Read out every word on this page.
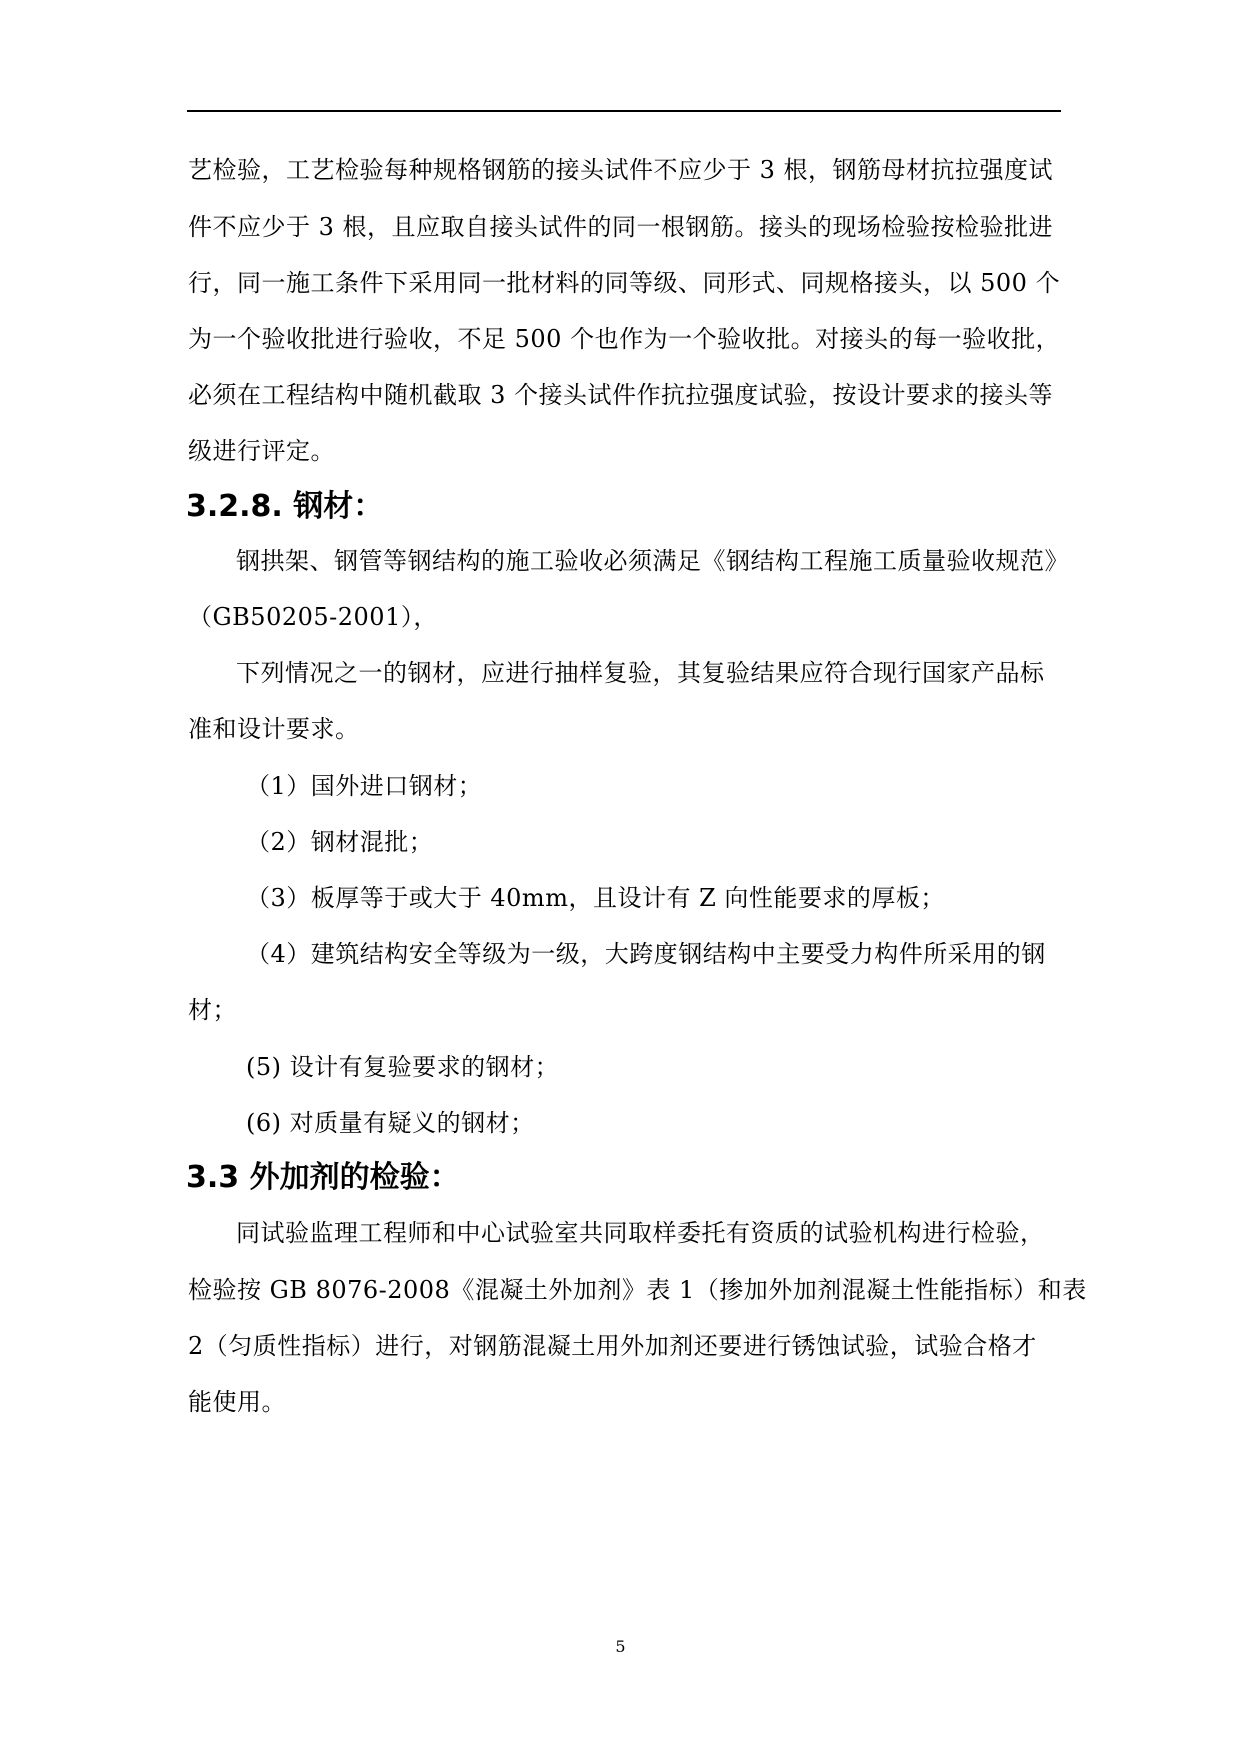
艺检验，工艺检验每种规格钢筋的接头试件不应少于 3 根，钢筋母材抗拉强度试
件不应少于 3 根，且应取自接头试件的同一根钢筋。接头的现场检验按检验批进
行，同一施工条件下采用同一批材料的同等级、同形式、同规格接头，以 500 个
为一个验收批进行验收，不足 500 个也作为一个验收批。对接头的每一验收批，
必须在工程结构中随机截取 3 个接头试件作抗拉强度试验，按设计要求的接头等
级进行评定。
3.2.8. 钢材：
钢拱架、钢管等钢结构的施工验收必须满足《钢结构工程施工质量验收规范》
（GB50205-2001），
下列情况之一的钢材，应进行抽样复验，其复验结果应符合现行国家产品标
准和设计要求。
（1）国外进口钢材；
（2）钢材混批；
（3）板厚等于或大于 40mm，且设计有 Z 向性能要求的厚板；
（4）建筑结构安全等级为一级，大跨度钢结构中主要受力构件所采用的钢
材；
(5) 设计有复验要求的钢材；
(6) 对质量有疑义的钢材；
3.3 外加剂的检验：
同试验监理工程师和中心试验室共同取样委托有资质的试验机构进行检验，
检验按 GB 8076-2008《混凝土外加剂》表 1（掺加外加剂混凝土性能指标）和表
2（匀质性指标）进行，对钢筋混凝土用外加剂还要进行锈蚀试验，试验合格才
能使用。
5
